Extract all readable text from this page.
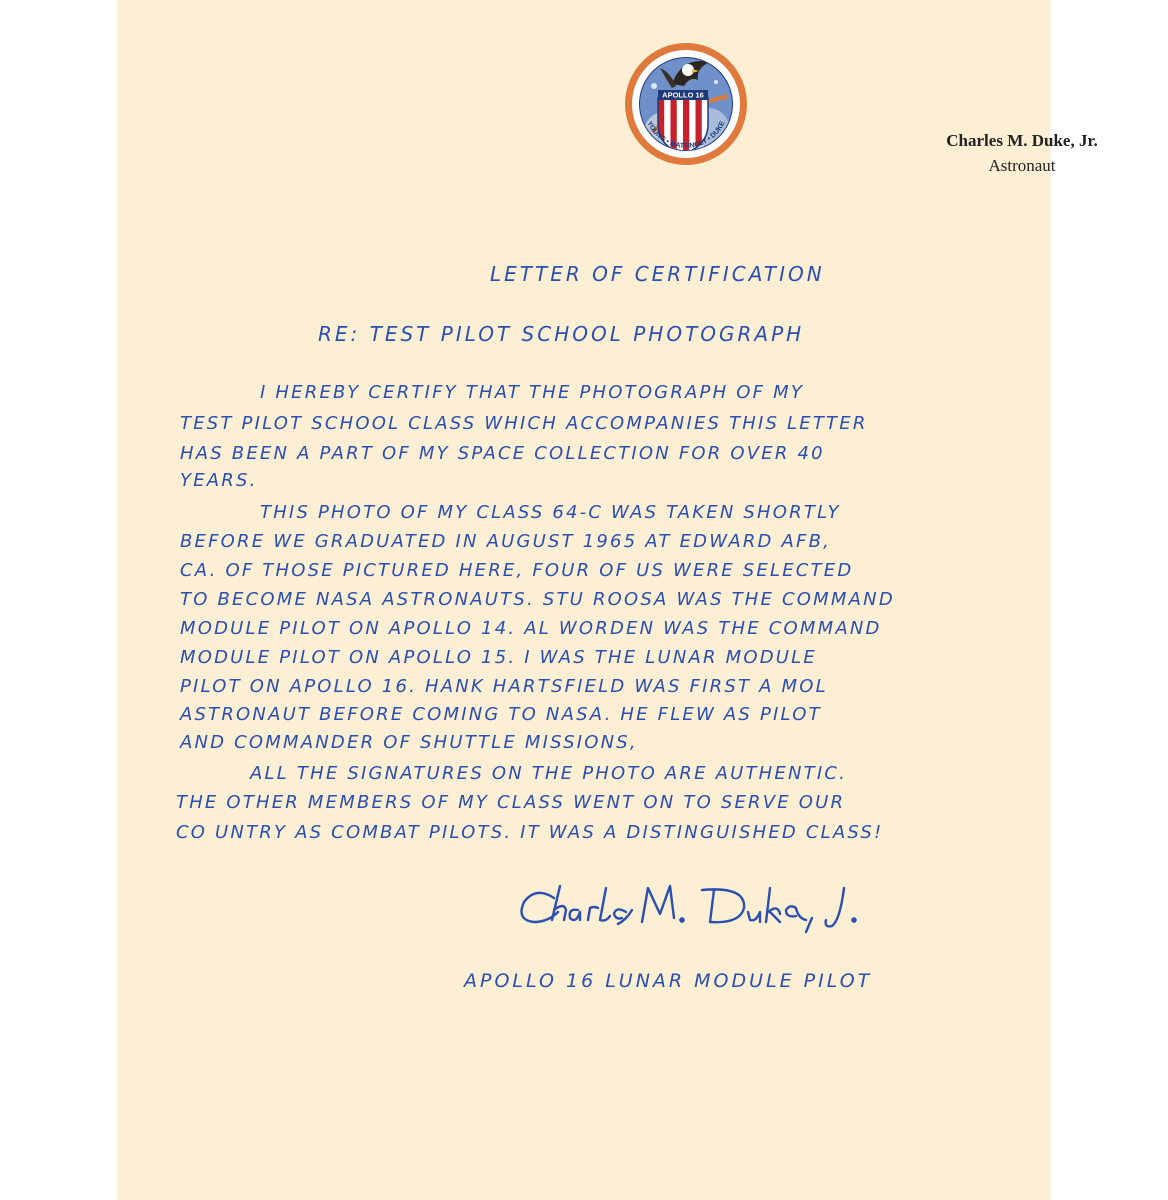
APOLLO 16
YOUNG • MATTINGLY • DUKE
Charles M. Duke, Jr.
Astronaut
LETTER OF CERTIFICATION
RE: TEST PILOT SCHOOL PHOTOGRAPH
I HEREBY CERTIFY THAT THE PHOTOGRAPH OF MY
TEST PILOT SCHOOL CLASS WHICH ACCOMPANIES THIS LETTER
HAS BEEN A PART OF MY SPACE COLLECTION FOR OVER 40
YEARS.
THIS PHOTO OF MY CLASS 64-C WAS TAKEN SHORTLY
BEFORE WE GRADUATED IN AUGUST 1965 AT EDWARD AFB,
CA. OF THOSE PICTURED HERE, FOUR OF US WERE SELECTED
TO BECOME NASA ASTRONAUTS. STU ROOSA WAS THE COMMAND
MODULE PILOT ON APOLLO 14. AL WORDEN WAS THE COMMAND
MODULE PILOT ON APOLLO 15. I WAS THE LUNAR MODULE
PILOT ON APOLLO 16. HANK HARTSFIELD WAS FIRST A MOL
ASTRONAUT BEFORE COMING TO NASA. HE FLEW AS PILOT
AND COMMANDER OF SHUTTLE MISSIONS,
ALL THE SIGNATURES ON THE PHOTO ARE AUTHENTIC.
THE OTHER MEMBERS OF MY CLASS WENT ON TO SERVE OUR
CO UNTRY AS COMBAT PILOTS. IT WAS A DISTINGUISHED CLASS!
APOLLO 16 LUNAR MODULE PILOT
